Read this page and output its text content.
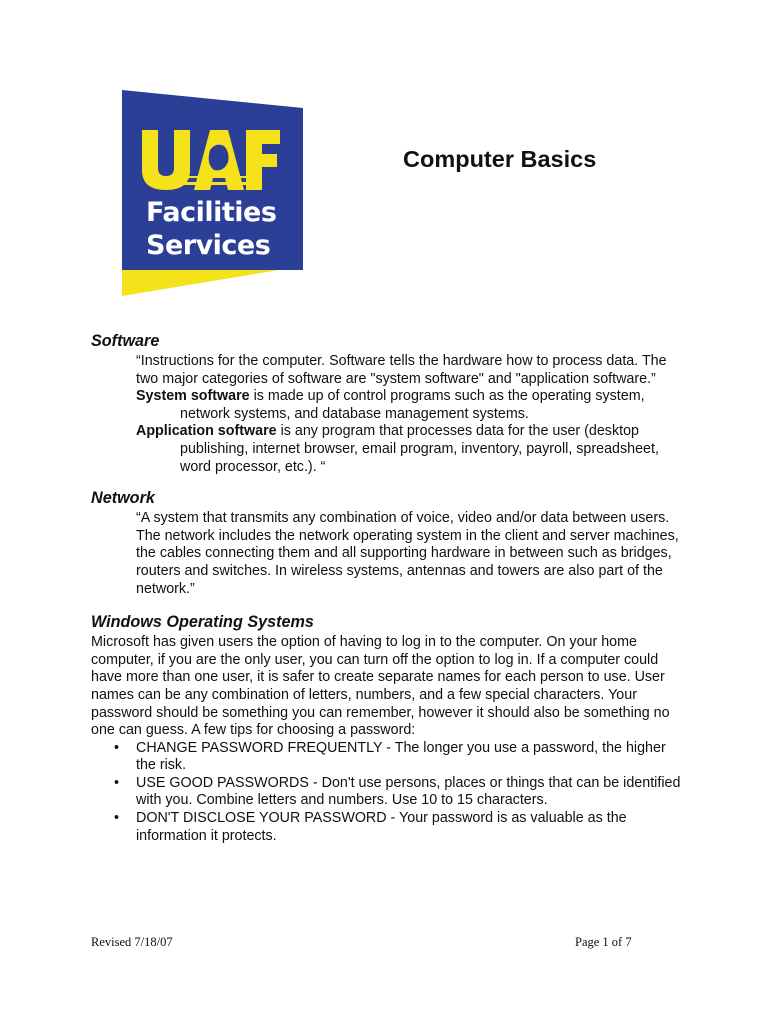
Facilities
Services
Computer Basics
Software

“Instructions for the computer. Software tells the hardware how to process data. The two major categories of software are "system software" and "application software.”

System software is made up of control programs such as the operating system, network systems, and database management systems.

Application software is any program that processes data for the user (desktop publishing, internet browser, email program, inventory, payroll, spreadsheet, word processor, etc.). “

Network

“A system that transmits any combination of voice, video and/or data between users. The network includes the network operating system in the client and server machines, the cables connecting them and all supporting hardware in between such as bridges, routers and switches. In wireless systems, antennas and towers are also part of the network.”

Windows Operating Systems

Microsoft has given users the option of having to log in to the computer. On your home computer, if you are the only user, you can turn off the option to log in. If a computer could have more than one user, it is safer to create separate names for each person to use. User names can be any combination of letters, numbers, and a few special characters. Your password should be something you can remember, however it should also be something no one can guess. A few tips for choosing a password:

• CHANGE PASSWORD FREQUENTLY - The longer you use a password, the higher the risk.
• USE GOOD PASSWORDS - Don't use persons, places or things that can be identified with you. Combine letters and numbers. Use 10 to 15 characters.
• DON'T DISCLOSE YOUR PASSWORD - Your password is as valuable as the information it protects.
Revised 7/18/07	Page 1 of 7
